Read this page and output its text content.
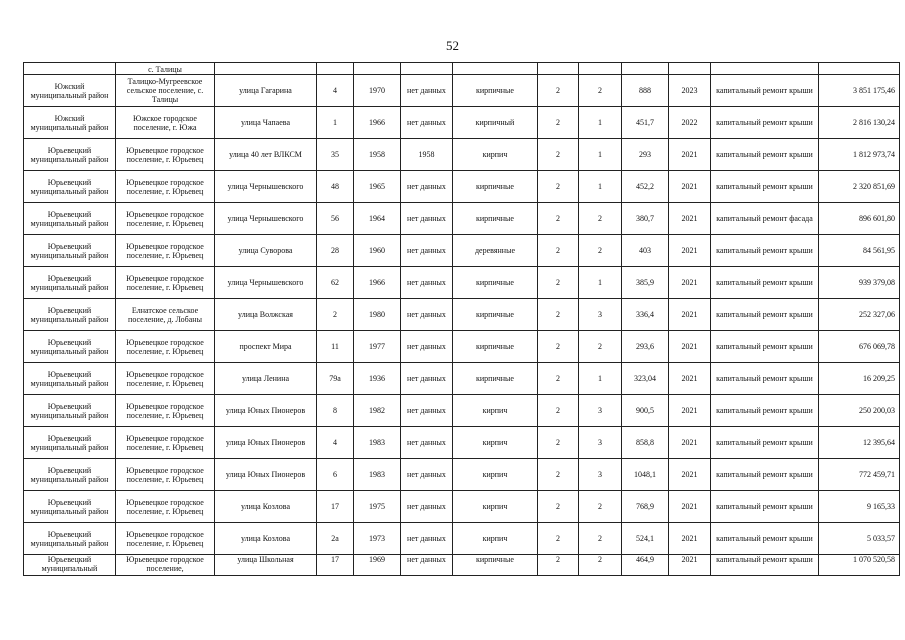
52
	с. Талицы											
Южский муниципальный район	Талицко-Мугреевское сельское поселение, с. Талицы	улица Гагарина	4	1970	нет данных	кирпичные	2	2	888	2023	капитальный ремонт крыши	3 851 175,46
Южский муниципальный район	Южское городское поселение, г. Южа	улица Чапаева	1	1966	нет данных	кирпичный	2	1	451,7	2022	капитальный ремонт крыши	2 816 130,24
Юрьевецкий муниципальный район	Юрьевецкое городское поселение, г. Юрьевец	улица 40 лет ВЛКСМ	35	1958	1958	кирпич	2	1	293	2021	капитальный ремонт крыши	1 812 973,74
Юрьевецкий муниципальный район	Юрьевецкое городское поселение, г. Юрьевец	улица Чернышевского	48	1965	нет данных	кирпичные	2	1	452,2	2021	капитальный ремонт крыши	2 320 851,69
Юрьевецкий муниципальный район	Юрьевецкое городское поселение, г. Юрьевец	улица Чернышевского	56	1964	нет данных	кирпичные	2	2	380,7	2021	капитальный ремонт фасада	896 601,80
Юрьевецкий муниципальный район	Юрьевецкое городское поселение, г. Юрьевец	улица Суворова	28	1960	нет данных	деревянные	2	2	403	2021	капитальный ремонт крыши	84 561,95
Юрьевецкий муниципальный район	Юрьевецкое городское поселение, г. Юрьевец	улица Чернышевского	62	1966	нет данных	кирпичные	2	1	385,9	2021	капитальный ремонт крыши	939 379,08
Юрьевецкий муниципальный район	Елнатское сельское поселение, д. Лобаны	улица Волжская	2	1980	нет данных	кирпичные	2	3	336,4	2021	капитальный ремонт крыши	252 327,06
Юрьевецкий муниципальный район	Юрьевецкое городское поселение, г. Юрьевец	проспект Мира	11	1977	нет данных	кирпичные	2	2	293,6	2021	капитальный ремонт крыши	676 069,78
Юрьевецкий муниципальный район	Юрьевецкое городское поселение, г. Юрьевец	улица Ленина	79а	1936	нет данных	кирпичные	2	1	323,04	2021	капитальный ремонт крыши	16 209,25
Юрьевецкий муниципальный район	Юрьевецкое городское поселение, г. Юрьевец	улица Юных Пионеров	8	1982	нет данных	кирпич	2	3	900,5	2021	капитальный ремонт крыши	250 200,03
Юрьевецкий муниципальный район	Юрьевецкое городское поселение, г. Юрьевец	улица Юных Пионеров	4	1983	нет данных	кирпич	2	3	858,8	2021	капитальный ремонт крыши	12 395,64
Юрьевецкий муниципальный район	Юрьевецкое городское поселение, г. Юрьевец	улица Юных Пионеров	6	1983	нет данных	кирпич	2	3	1048,1	2021	капитальный ремонт крыши	772 459,71
Юрьевецкий муниципальный район	Юрьевецкое городское поселение, г. Юрьевец	улица Козлова	17	1975	нет данных	кирпич	2	2	768,9	2021	капитальный ремонт крыши	9 165,33
Юрьевецкий муниципальный район	Юрьевецкое городское поселение, г. Юрьевец	улица Козлова	2а	1973	нет данных	кирпич	2	2	524,1	2021	капитальный ремонт крыши	5 033,57
Юрьевецкий муниципальный	Юрьевецкое городское поселение,	улица Школьная	17	1969	нет данных	кирпичные	2	2	464,9	2021	капитальный ремонт крыши	1 070 520,58
